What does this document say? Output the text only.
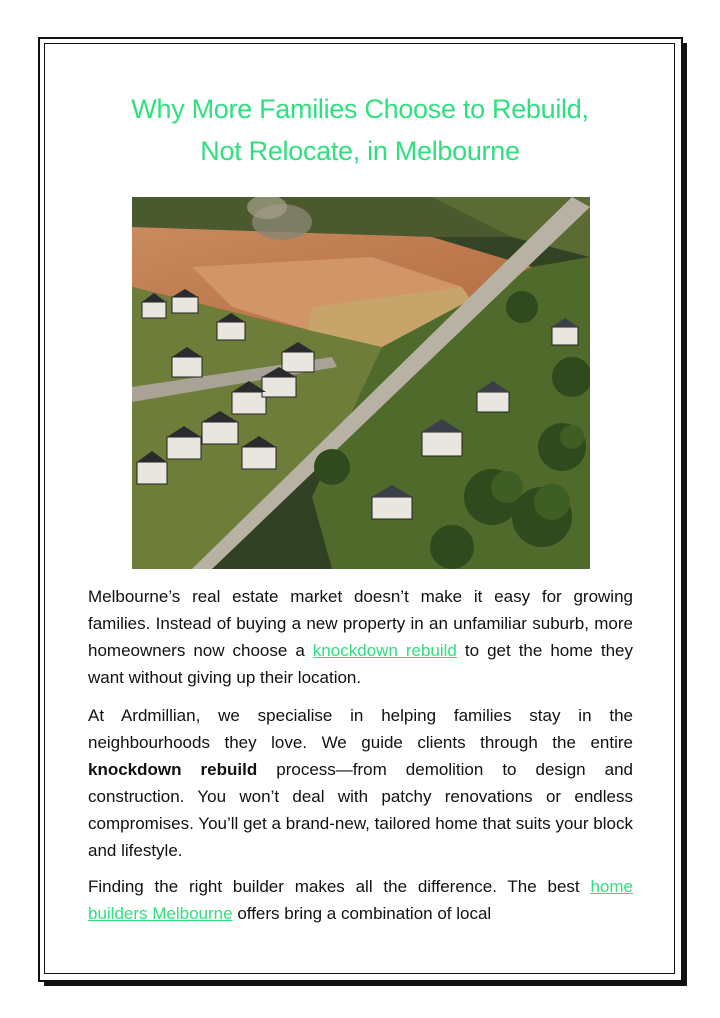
Why More Families Choose to Rebuild,
Not Relocate, in Melbourne

Melbourne’s real estate market doesn’t make it easy for growing families. Instead of buying a new property in an unfamiliar suburb, more homeowners now choose a knockdown rebuild to get the home they want without giving up their location.

At Ardmillian, we specialise in helping families stay in the neighbourhoods they love. We guide clients through the entire knockdown rebuild process—from demolition to design and construction. You won’t deal with patchy renovations or endless compromises. You’ll get a brand-new, tailored home that suits your block and lifestyle.

Finding the right builder makes all the difference. The best home builders Melbourne offers bring a combination of local
